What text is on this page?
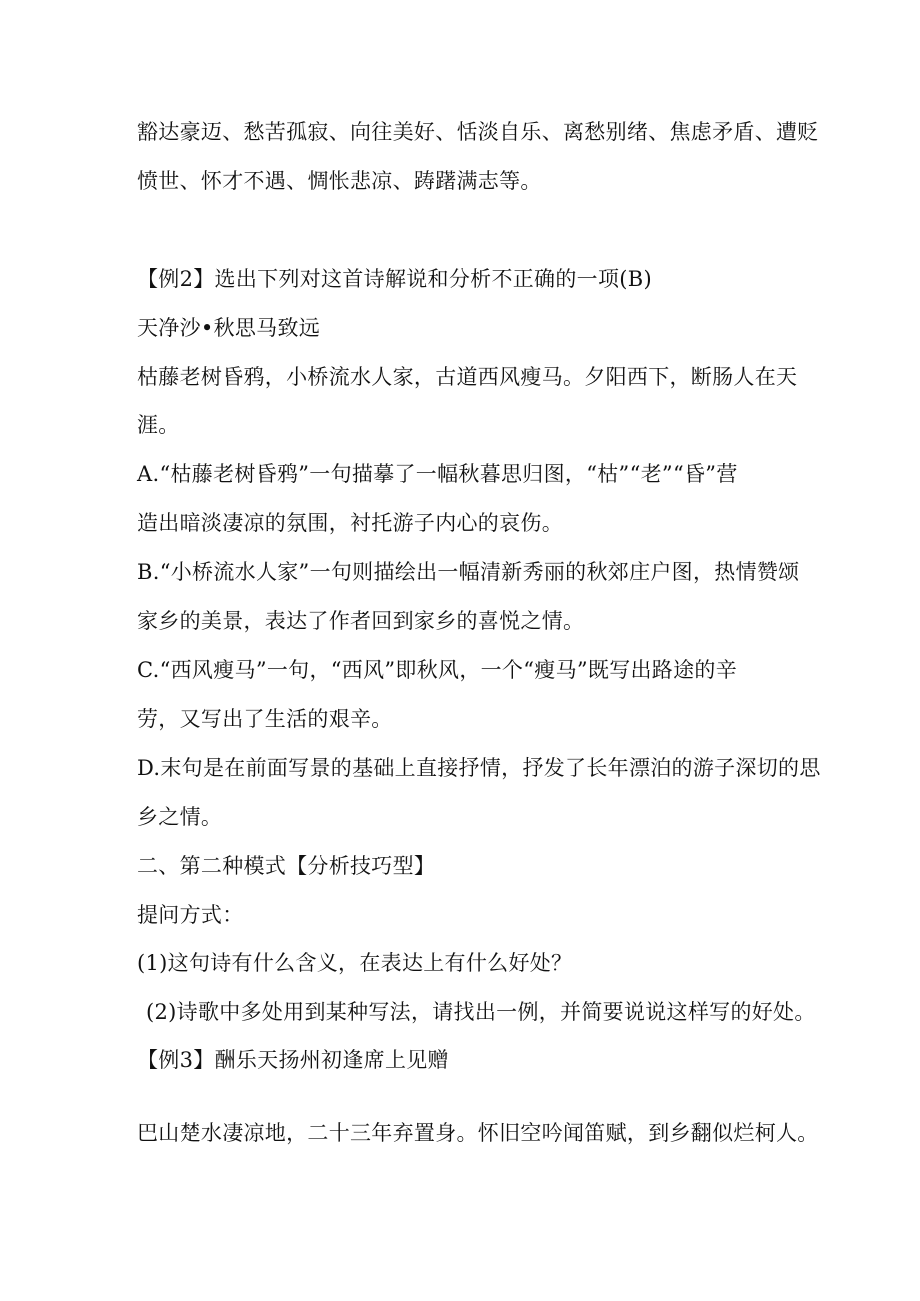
豁达豪迈、愁苦孤寂、向往美好、恬淡自乐、离愁别绪、焦虑矛盾、遭贬
愤世、怀才不遇、惆怅悲凉、踌躇满志等。
【例2】选出下列对这首诗解说和分析不正确的一项(B)
天净沙•秋思马致远
枯藤老树昏鸦，小桥流水人家，古道西风瘦马。夕阳西下，断肠人在天
涯。
A.“枯藤老树昏鸦”一句描摹了一幅秋暮思归图，“枯”“老”“昏”营
造出暗淡凄凉的氛围，衬托游子内心的哀伤。
B.“小桥流水人家”一句则描绘出一幅清新秀丽的秋郊庄户图，热情赞颂
家乡的美景，表达了作者回到家乡的喜悦之情。
C.“西风瘦马”一句，“西风”即秋风，一个“瘦马”既写出路途的辛
劳，又写出了生活的艰辛。
D.末句是在前面写景的基础上直接抒情，抒发了长年漂泊的游子深切的思
乡之情。
二、第二种模式【分析技巧型】
提问方式：
(1)这句诗有什么含义，在表达上有什么好处？
(2)诗歌中多处用到某种写法，请找出一例，并简要说说这样写的好处。
【例3】酬乐天扬州初逢席上见赠
巴山楚水凄凉地，二十三年弃置身。怀旧空吟闻笛赋，到乡翻似烂柯人。
